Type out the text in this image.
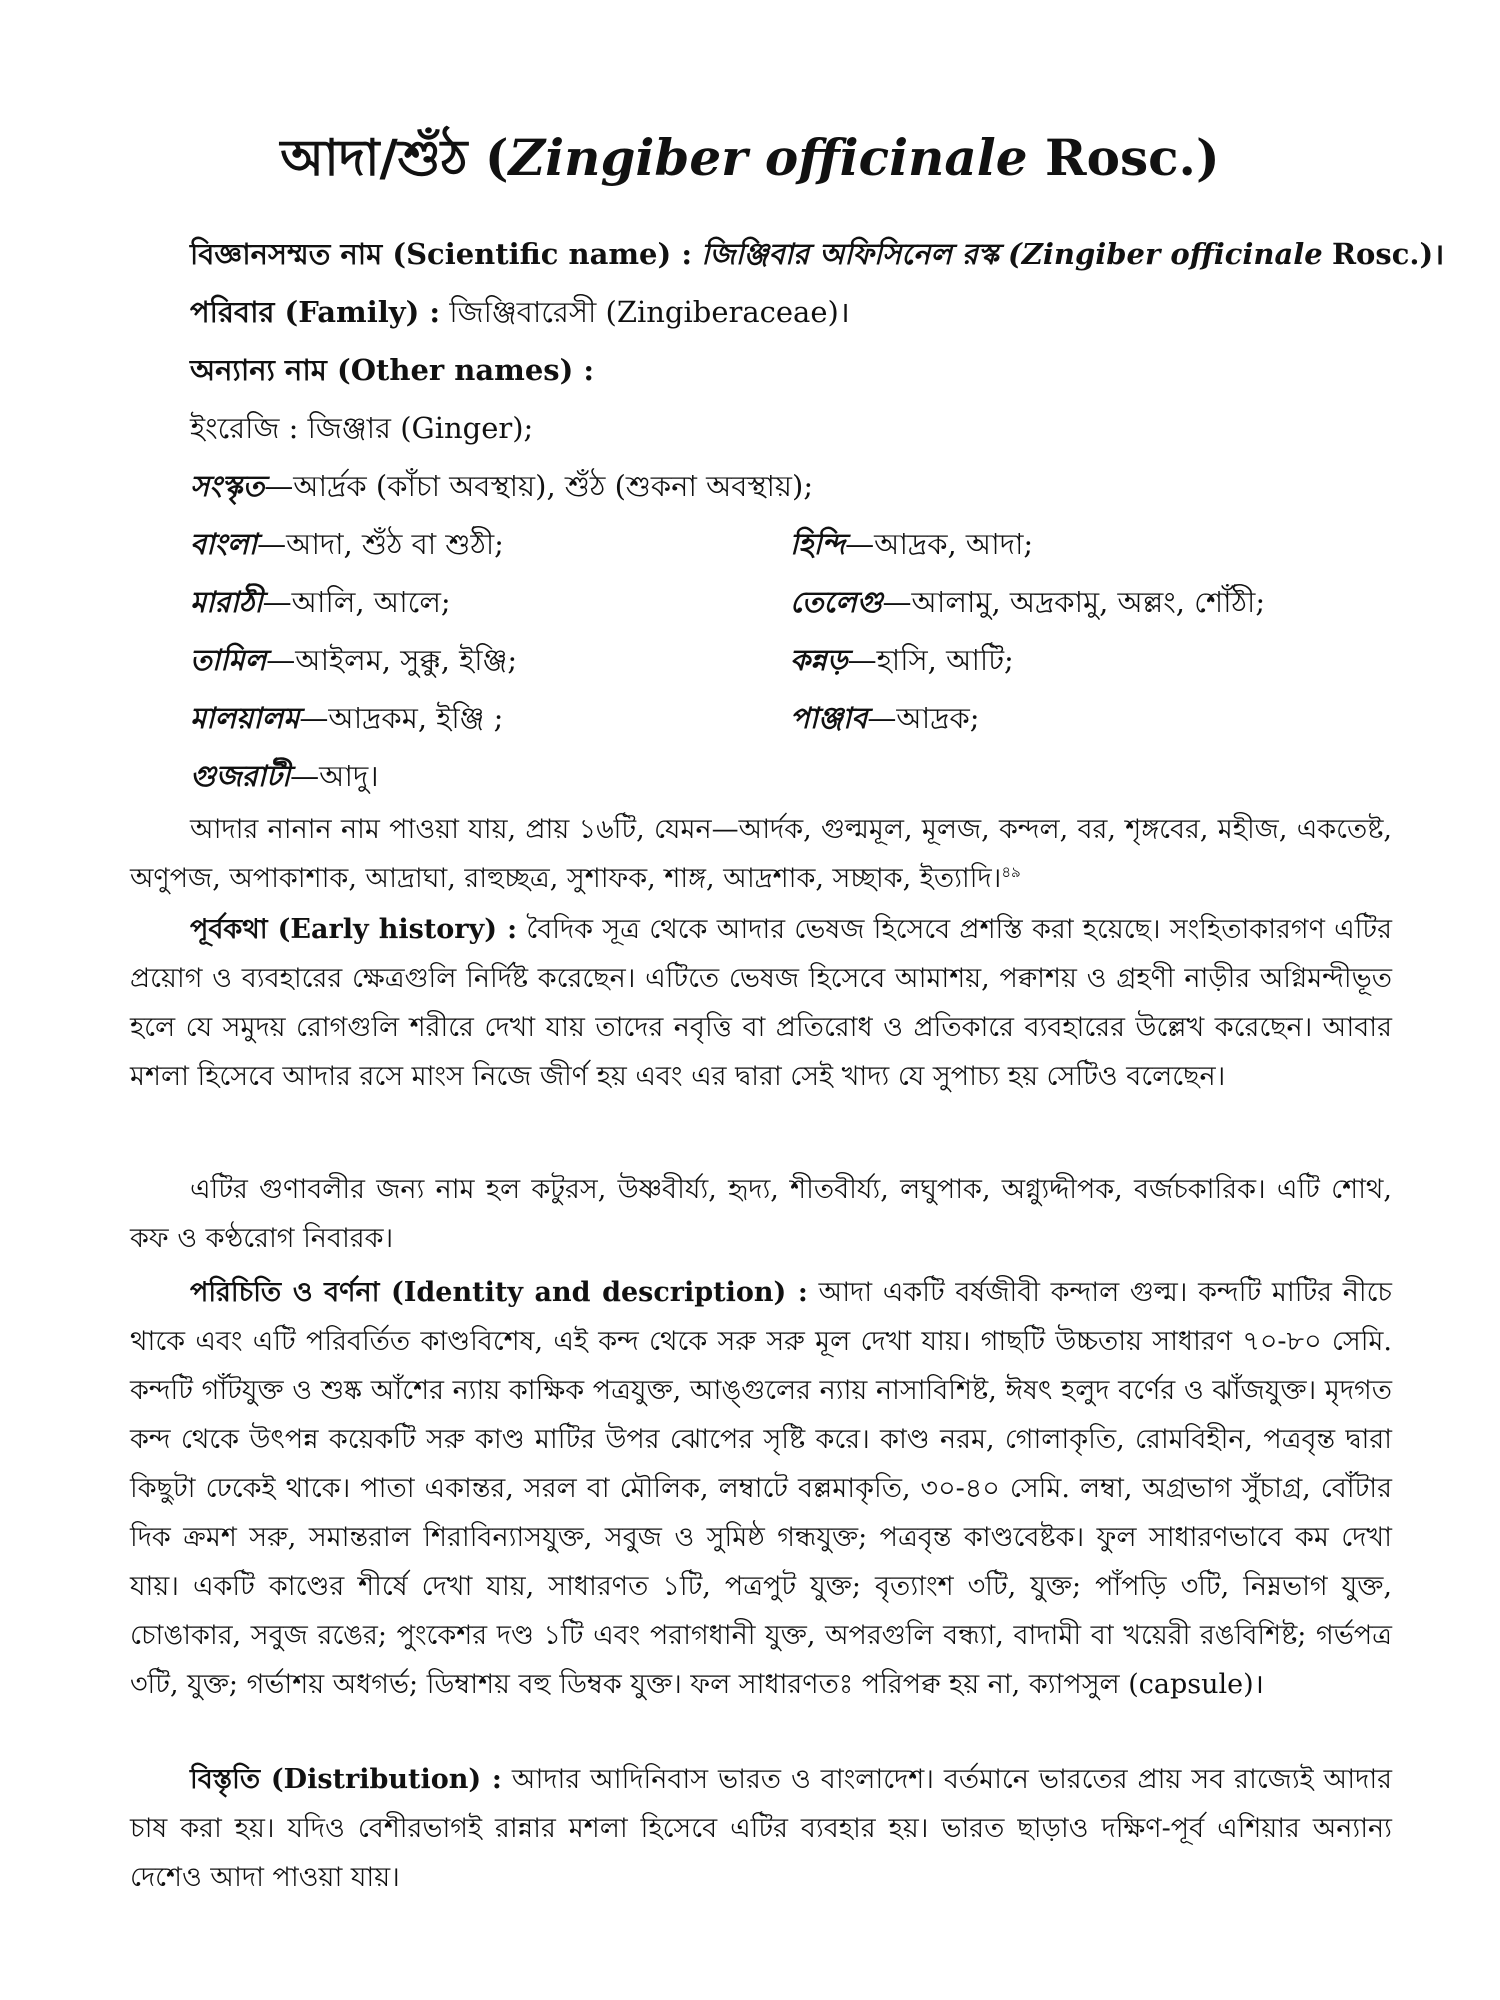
আদা/শুঁঠ (Zingiber officinale Rosc.)
বিজ্ঞানসম্মত নাম (Scientific name) : জিঞ্জিবার অফিসিনেল রস্ক (Zingiber officinale Rosc.)।
পরিবার (Family) : জিঞ্জিবারেসী (Zingiberaceae)।
অন্যান্য নাম (Other names) :
ইংরেজি : জিঞ্জার (Ginger);
সংস্কৃত—আর্দ্রক (কাঁচা অবস্থায়), শুঁঠ (শুকনা অবস্থায়);
বাংলা—আদা, শুঁঠ বা শুঠী;	হিন্দি—আদ্রক, আদা;
মারাঠী—আলি, আলে;	তেলেগু—আলামু, অদ্রকামু, অল্লং, শোঁঠী;
তামিল—আইলম, সুক্কু, ইঞ্জি;	কন্নড়—হাসি, আটি;
মালয়ালম—আদ্রকম, ইঞ্জি ;	পাঞ্জাব—আদ্রক;
গুজরাটী—আদু।
আদার নানান নাম পাওয়া যায়, প্রায় ১৬টি, যেমন—আর্দক, গুল্মমূল, মূলজ, কন্দল, বর, শৃঙ্গবের, মহীজ, একতেষ্ট, অণুপজ, অপাকাশাক, আদ্রাঘা, রাহুচ্ছত্র, সুশাফক, শাঙ্গ, আদ্রশাক, সচ্ছাক, ইত্যাদি।$^{৪৯}$
পূর্বকথা (Early history) : বৈদিক সূত্র থেকে আদার ভেষজ হিসেবে প্রশস্তি করা হয়েছে। সংহিতাকারগণ এটির প্রয়োগ ও ব্যবহারের ক্ষেত্রগুলি নির্দিষ্ট করেছেন। এটিতে ভেষজ হিসেবে আমাশয়, পক্বাশয় ও গ্রহণী নাড়ীর অগ্নিমন্দীভূত হলে যে সমুদয় রোগগুলি শরীরে দেখা যায় তাদের নবৃত্তি বা প্রতিরোধ ও প্রতিকারে ব্যবহারের উল্লেখ করেছেন। আবার মশলা হিসেবে আদার রসে মাংস নিজে জীর্ণ হয় এবং এর দ্বারা সেই খাদ্য যে সুপাচ্য হয় সেটিও বলেছেন।
এটির গুণাবলীর জন্য নাম হল কটুরস, উষ্ণবীর্য্য, হৃদ্য, শীতবীর্য্য, লঘুপাক, অগ্ন্যুদ্দীপক, বর্জচকারিক। এটি শোথ, কফ ও কণ্ঠরোগ নিবারক।
পরিচিতি ও বর্ণনা (Identity and description) : আদা একটি বর্ষজীবী কন্দাল গুল্ম। কন্দটি মাটির নীচে থাকে এবং এটি পরিবর্তিত কাণ্ডবিশেষ, এই কন্দ থেকে সরু সরু মূল দেখা যায়। গাছটি উচ্চতায় সাধারণ ৭০-৮০ সেমি. কন্দটি গাঁটযুক্ত ও শুষ্ক আঁশের ন্যায় কাক্ষিক পত্রযুক্ত, আঙ্গুলের ন্যায় নাসাবিশিষ্ট, ঈষৎ হলুদ বর্ণের ও ঝাঁজযুক্ত। মৃদগত কন্দ থেকে উৎপন্ন কয়েকটি সরু কাণ্ড মাটির উপর ঝোপের সৃষ্টি করে। কাণ্ড নরম, গোলাকৃতি, রোমবিহীন, পত্রবৃন্ত দ্বারা কিছুটা ঢেকেই থাকে। পাতা একান্তর, সরল বা মৌলিক, লম্বাটে বল্লমাকৃতি, ৩০-৪০ সেমি. লম্বা, অগ্রভাগ সুঁচাগ্র, বোঁটার দিক ক্রমশ সরু, সমান্তরাল শিরাবিন্যাসযুক্ত, সবুজ ও সুমিষ্ঠ গন্ধযুক্ত; পত্রবৃন্ত কাণ্ডবেষ্টক। ফুল সাধারণভাবে কম দেখা যায়। একটি কাণ্ডের শীর্ষে দেখা যায়, সাধারণত ১টি, পত্রপুট যুক্ত; বৃত্যাংশ ৩টি, যুক্ত; পাঁপড়ি ৩টি, নিম্নভাগ যুক্ত, চোঙাকার, সবুজ রঙের; পুংকেশর দণ্ড ১টি এবং পরাগধানী যুক্ত, অপরগুলি বন্ধ্যা, বাদামী বা খয়েরী রঙবিশিষ্ট; গর্ভপত্র ৩টি, যুক্ত; গর্ভাশয় অধগর্ভ; ডিম্বাশয় বহু ডিম্বক যুক্ত। ফল সাধারণতঃ পরিপক্ব হয় না, ক্যাপসুল (capsule)।
বিস্তৃতি (Distribution) : আদার আদিনিবাস ভারত ও বাংলাদেশ। বর্তমানে ভারতের প্রায় সব রাজ্যেই আদার চাষ করা হয়। যদিও বেশীরভাগই রান্নার মশলা হিসেবে এটির ব্যবহার হয়। ভারত ছাড়াও দক্ষিণ-পূর্ব এশিয়ার অন্যান্য দেশেও আদা পাওয়া যায়।
